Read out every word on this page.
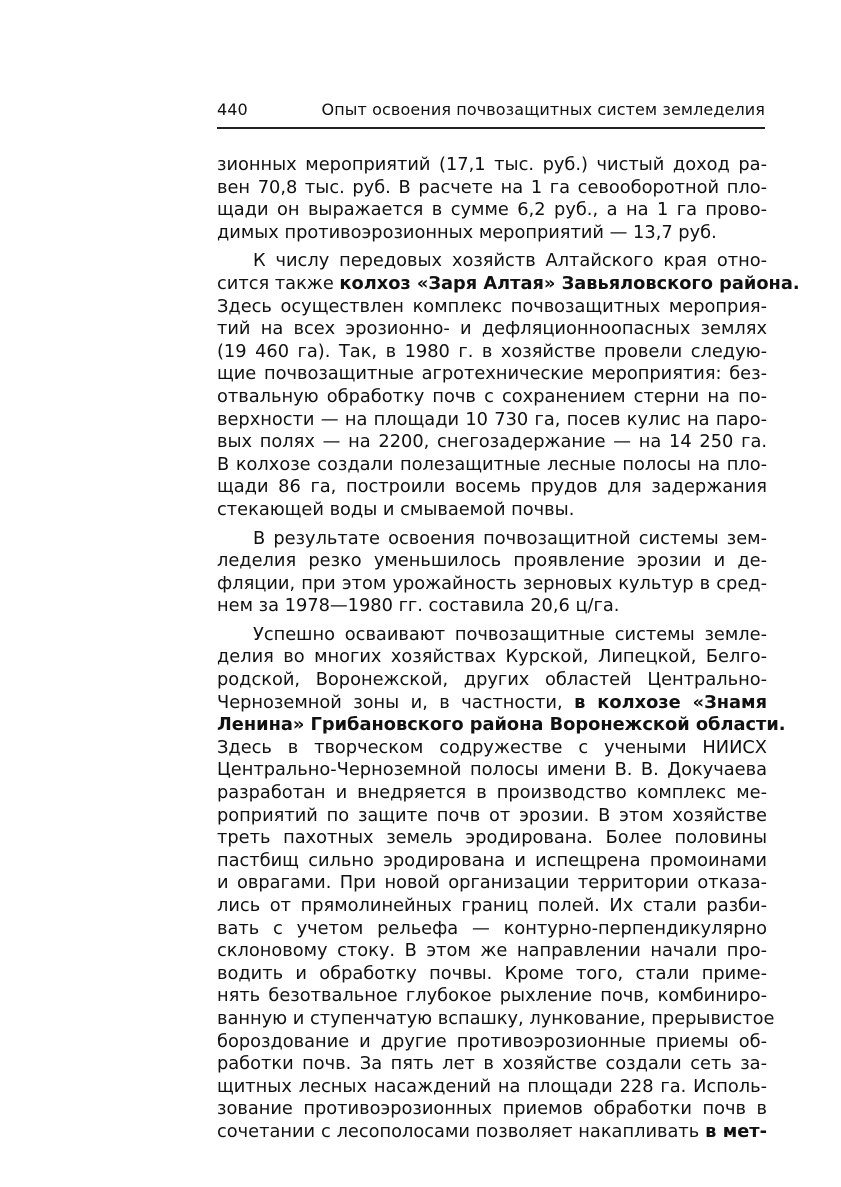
440	Опыт освоения почвозащитных систем земледелия
зионных мероприятий (17,1 тыс. руб.) чистый доход ра-
вен 70,8 тыс. руб. В расчете на 1 га севооборотной пло-
щади он выражается в сумме 6,2 руб., а на 1 га прово-
димых противоэрозионных мероприятий — 13,7 руб.
К числу передовых хозяйств Алтайского края отно-
сится также колхоз «Заря Алтая» Завьяловского района.
Здесь осуществлен комплекс почвозащитных мероприя-
тий на всех эрозионно- и дефляционноопасных землях
(19 460 га). Так, в 1980 г. в хозяйстве провели следую-
щие почвозащитные агротехнические мероприятия: без-
отвальную обработку почв с сохранением стерни на по-
верхности — на площади 10 730 га, посев кулис на паро-
вых полях — на 2200, снегозадержание — на 14 250 га.
В колхозе создали полезащитные лесные полосы на пло-
щади 86 га, построили восемь прудов для задержания
стекающей воды и смываемой почвы.
В результате освоения почвозащитной системы зем-
леделия резко уменьшилось проявление эрозии и де-
фляции, при этом урожайность зерновых культур в сред-
нем за 1978—1980 гг. составила 20,6 ц/га.
Успешно осваивают почвозащитные системы земле-
делия во многих хозяйствах Курской, Липецкой, Белго-
родской, Воронежской, других областей Центрально-
Черноземной зоны и, в частности, в колхозе «Знамя
Ленина» Грибановского района Воронежской области.
Здесь в творческом содружестве с учеными НИИСХ
Центрально-Черноземной полосы имени В. В. Докучаева
разработан и внедряется в производство комплекс ме-
роприятий по защите почв от эрозии. В этом хозяйстве
треть пахотных земель эродирована. Более половины
пастбищ сильно эродирована и испещрена промоинами
и оврагами. При новой организации территории отказа-
лись от прямолинейных границ полей. Их стали разби-
вать с учетом рельефа — контурно-перпендикулярно
склоновому стоку. В этом же направлении начали про-
водить и обработку почвы. Кроме того, стали приме-
нять безотвальное глубокое рыхление почв, комбиниро-
ванную и ступенчатую вспашку, лункование, прерывистое
бороздование и другие противоэрозионные приемы об-
работки почв. За пять лет в хозяйстве создали сеть за-
щитных лесных насаждений на площади 228 га. Исполь-
зование противоэрозионных приемов обработки почв в
сочетании с лесополосами позволяет накапливать в мет-
